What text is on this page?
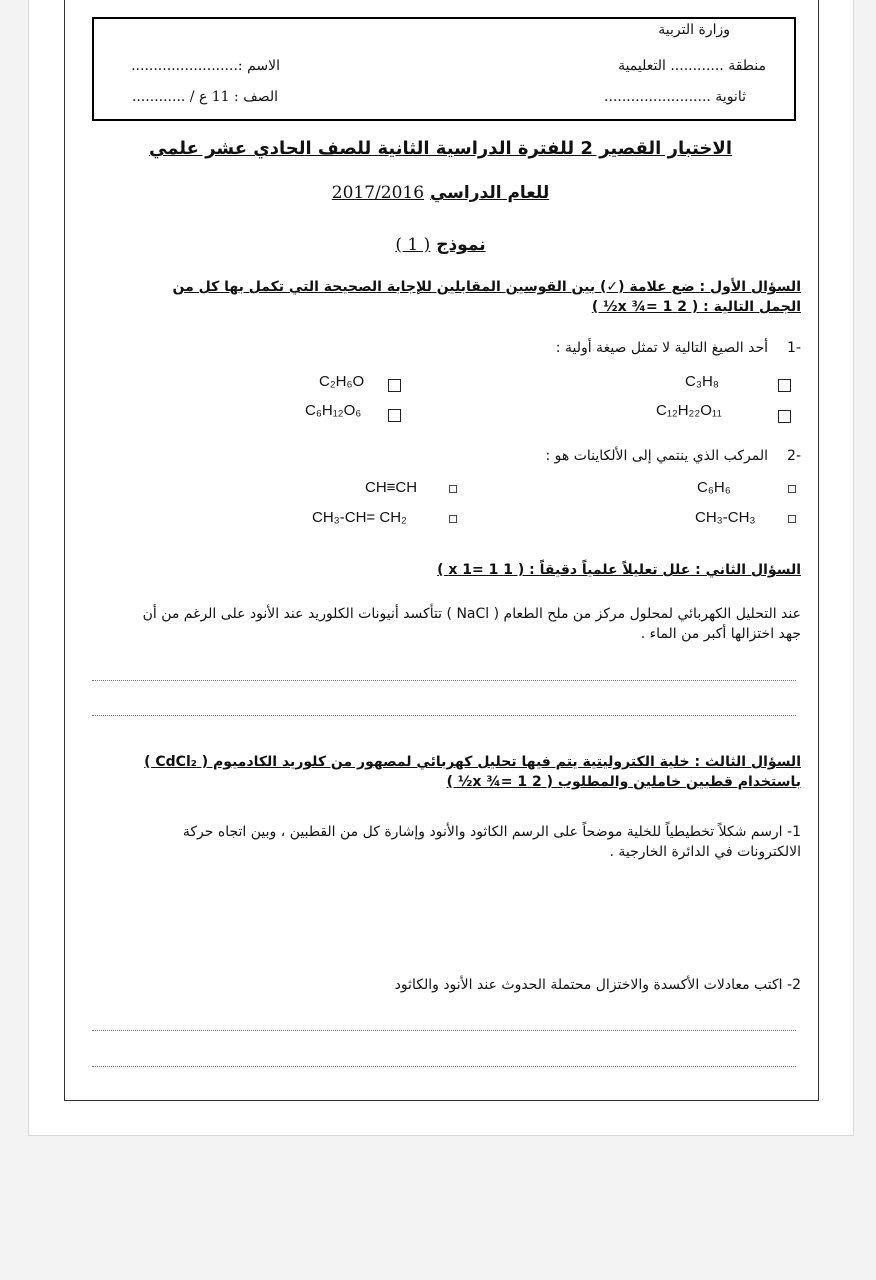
وزارة التربية
منطقة ............ التعليمية
ثانوية ........................
الاسم :........................
الصف : 11 ع / ............
الاختبار القصير 2 للفترة الدراسية الثانية للصف الحادي عشر علمي
للعام الدراسي 2017/2016
نموذج ( 1 )
السؤال الأول : ضع علامة (✓) بين القوسين المقابلين للإجابة الصحيحة التي تكمل بها كل من الجمل التالية : ( 2 x ¾= 1½ )
-1
أحد الصيغ التالية لا تمثل صيغة أولية :
C₃H₈
C₂H₆O
C₁₂H₂₂O₁₁
C₆H₁₂O₆
-2
المركب الذي ينتمي إلى الألكاينات هو :
C₆H₆
CH≡CH
CH₃-CH₃
CH₃-CH= CH₂
السؤال الثاني : علل تعليلاً علمياً دقيقاً : ( 1 x 1= 1 )
عند التحليل الكهربائي لمحلول مركز من ملح الطعام ( NaCl ) تتأكسد أنيونات الكلوريد عند الأنود على الرغم من أن جهد اختزالها أكبر من الماء .
السؤال الثالث : خلية الكتروليتية يتم فيها تحليل كهربائي لمصهور من كلوريد الكادميوم ( CdCl₂ ) باستخدام قطبين خاملين والمطلوب ( 2 x ¾= 1½ )
1- ارسم شكلاً تخطيطياً للخلية موضحاً على الرسم الكاثود والأنود وإشارة كل من القطبين ، وبين اتجاه حركة الالكترونات في الدائرة الخارجية .
2- اكتب معادلات الأكسدة والاختزال محتملة الحدوث عند الأنود والكاثود
